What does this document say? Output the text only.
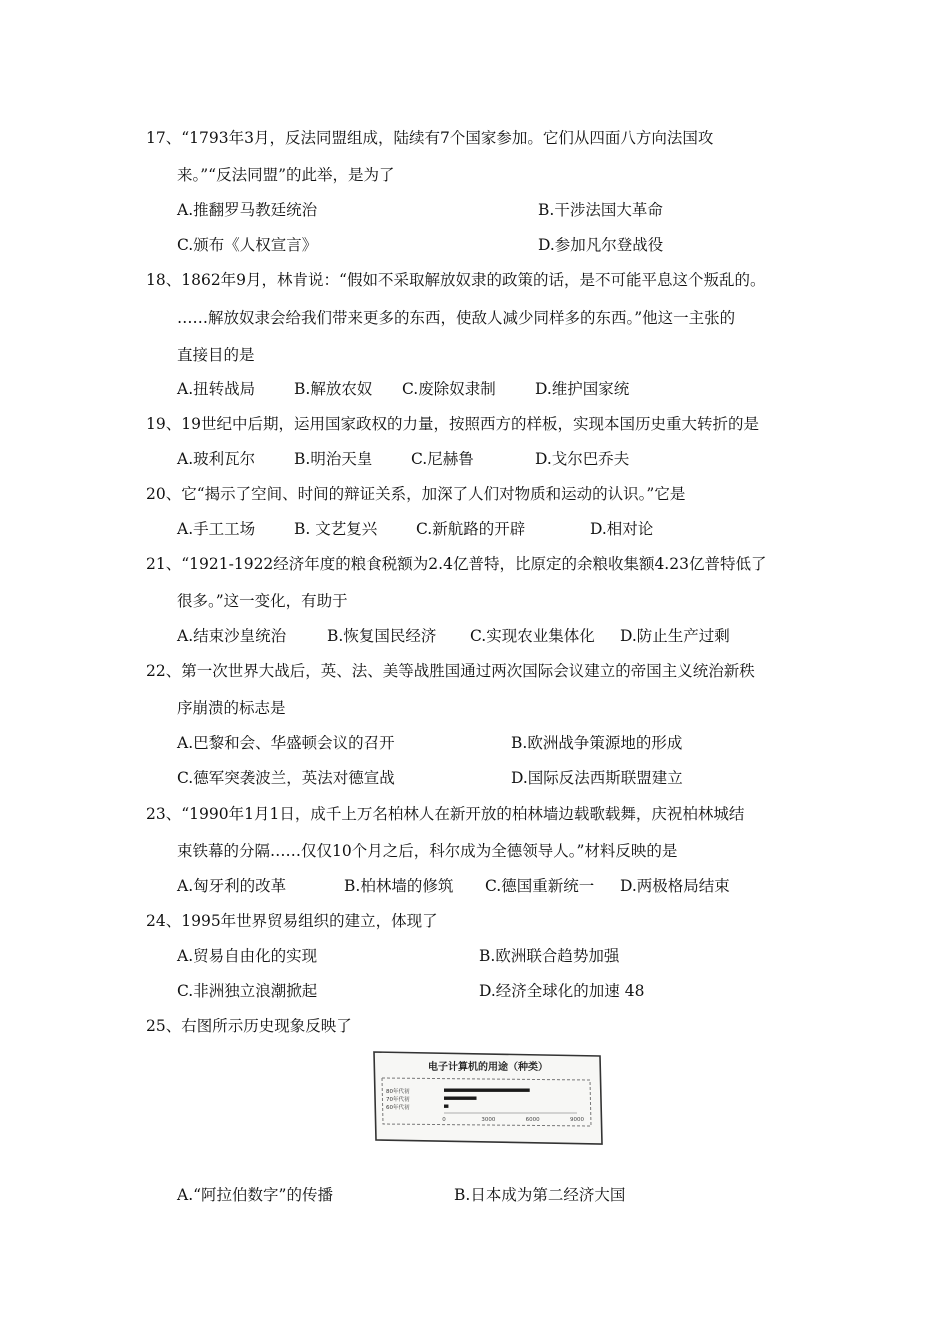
17、“1793年3月，反法同盟组成，陆续有7个国家参加。它们从四面八方向法国攻
来。”“反法同盟”的此举，是为了
A.推翻罗马教廷统治	B.干涉法国大革命
C.颁布《人权宣言》	D.参加凡尔登战役
18、1862年9月，林肯说：“假如不采取解放奴隶的政策的话，是不可能平息这个叛乱的。
……解放奴隶会给我们带来更多的东西，使敌人减少同样多的东西。”他这一主张的
直接目的是
A.扭转战局	B.解放农奴 C.废除奴隶制	D.维护国家统
19、19世纪中后期，运用国家政权的力量，按照西方的样板，实现本国历史重大转折的是
A.玻利瓦尔	B.明治天皇 C.尼赫鲁	D.戈尔巴乔夫
20、它“揭示了空间、时间的辩证关系，加深了人们对物质和运动的认识。”它是
A.手工工场	B. 文艺复兴	C.新航路的开辟	D.相对论
21、“1921-1922经济年度的粮食税额为2.4亿普特，比原定的余粮收集额4.23亿普特低了
很多。”这一变化，有助于
A.结束沙皇统治	B.恢复国民经济 C.实现农业集体化 D.防止生产过剩
22、第一次世界大战后，英、法、美等战胜国通过两次国际会议建立的帝国主义统治新秩
序崩溃的标志是
A.巴黎和会、华盛顿会议的召开	B.欧洲战争策源地的形成
C.德军突袭波兰，英法对德宣战	D.国际反法西斯联盟建立
23、“1990年1月1日，成千上万名柏林人在新开放的柏林墙边载歌载舞，庆祝柏林城结
束铁幕的分隔……仅仅10个月之后，科尔成为全德领导人。”材料反映的是
A.匈牙利的改革	B.柏林墙的修筑 C.德国重新统一 D.两极格局结束
24、1995年世界贸易组织的建立，体现了
A.贸易自由化的实现	B.欧洲联合趋势加强
C.非洲独立浪潮掀起	D.经济全球化的加速 48
25、右图所示历史现象反映了
电子计算机的用途（种类）
80年代初
70年代初
60年代初
0	3000	6000	9000
A.“阿拉伯数字”的传播	B.日本成为第二经济大国
